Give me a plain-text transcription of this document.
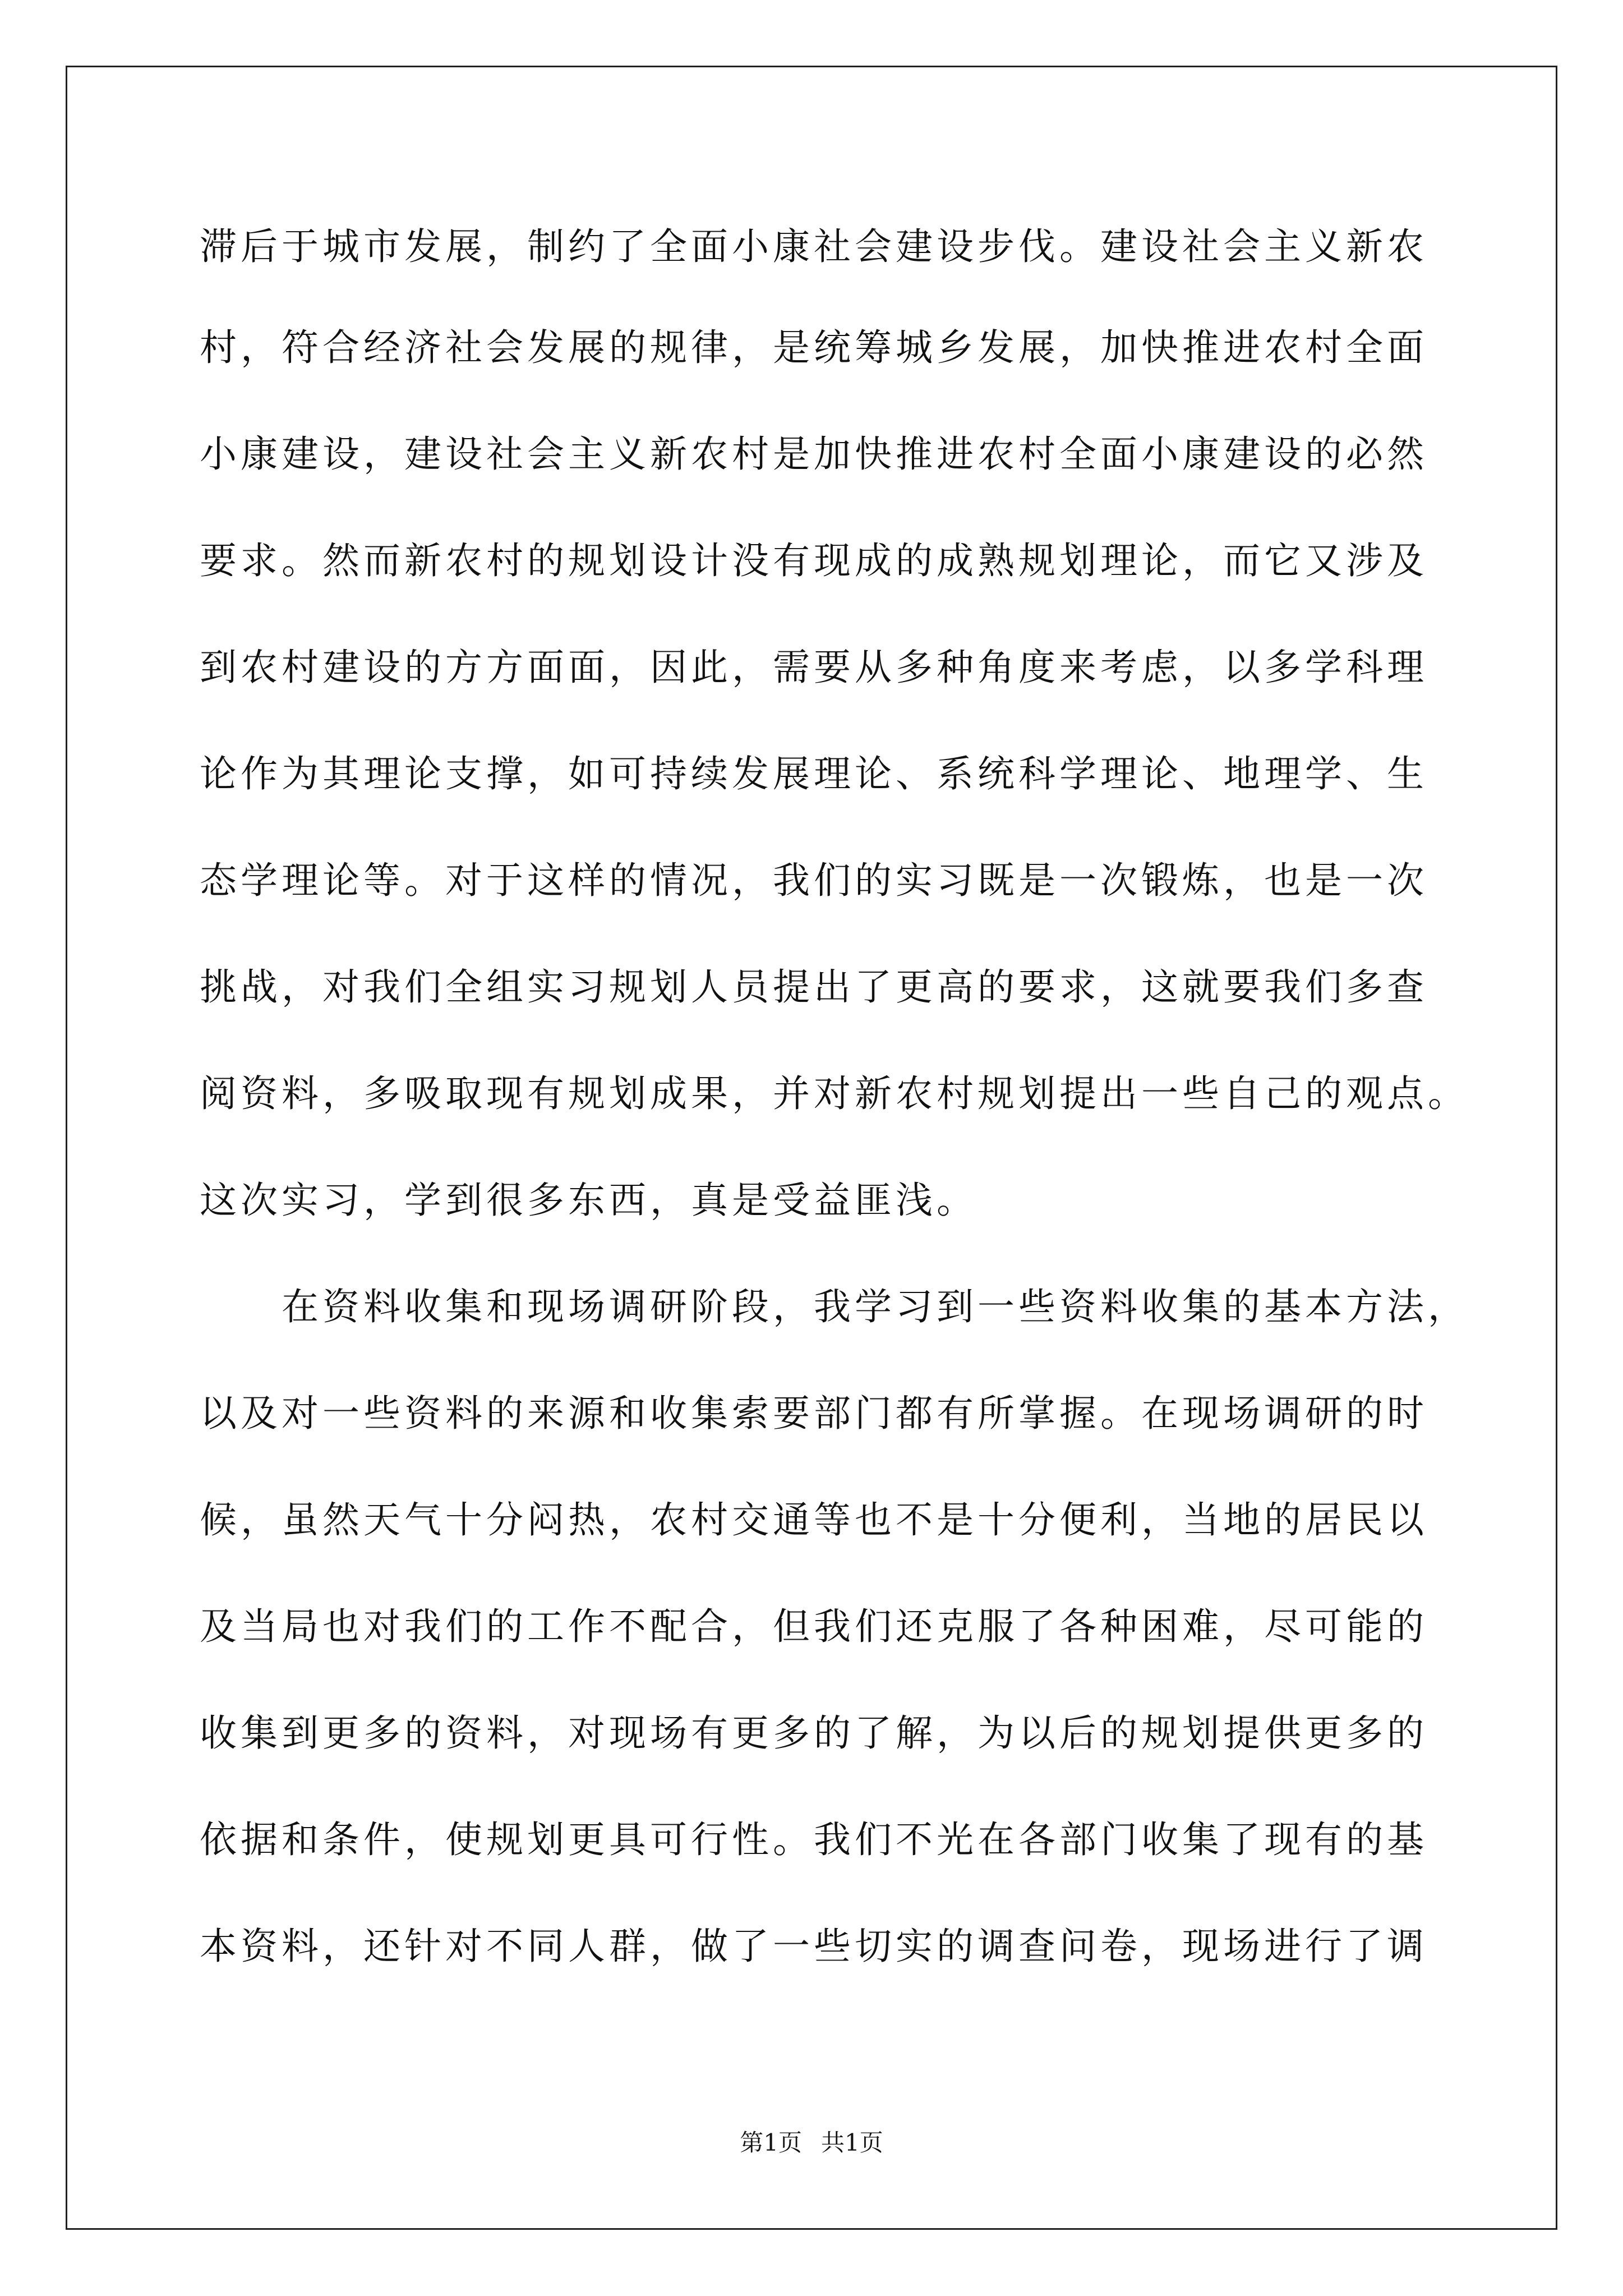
滞后于城市发展，制约了全面小康社会建设步伐。建设社会主义新农

村，符合经济社会发展的规律，是统筹城乡发展，加快推进农村全面

小康建设，建设社会主义新农村是加快推进农村全面小康建设的必然

要求。然而新农村的规划设计没有现成的成熟规划理论，而它又涉及

到农村建设的方方面面，因此，需要从多种角度来考虑，以多学科理

论作为其理论支撑，如可持续发展理论、系统科学理论、地理学、生

态学理论等。对于这样的情况，我们的实习既是一次锻炼，也是一次

挑战，对我们全组实习规划人员提出了更高的要求，这就要我们多查

阅资料，多吸取现有规划成果，并对新农村规划提出一些自己的观点。

这次实习，学到很多东西，真是受益匪浅。

　　在资料收集和现场调研阶段，我学习到一些资料收集的基本方法，

以及对一些资料的来源和收集索要部门都有所掌握。在现场调研的时

候，虽然天气十分闷热，农村交通等也不是十分便利，当地的居民以

及当局也对我们的工作不配合，但我们还克服了各种困难，尽可能的

收集到更多的资料，对现场有更多的了解，为以后的规划提供更多的

依据和条件，使规划更具可行性。我们不光在各部门收集了现有的基

本资料，还针对不同人群，做了一些切实的调查问卷，现场进行了调

第1页 共1页
